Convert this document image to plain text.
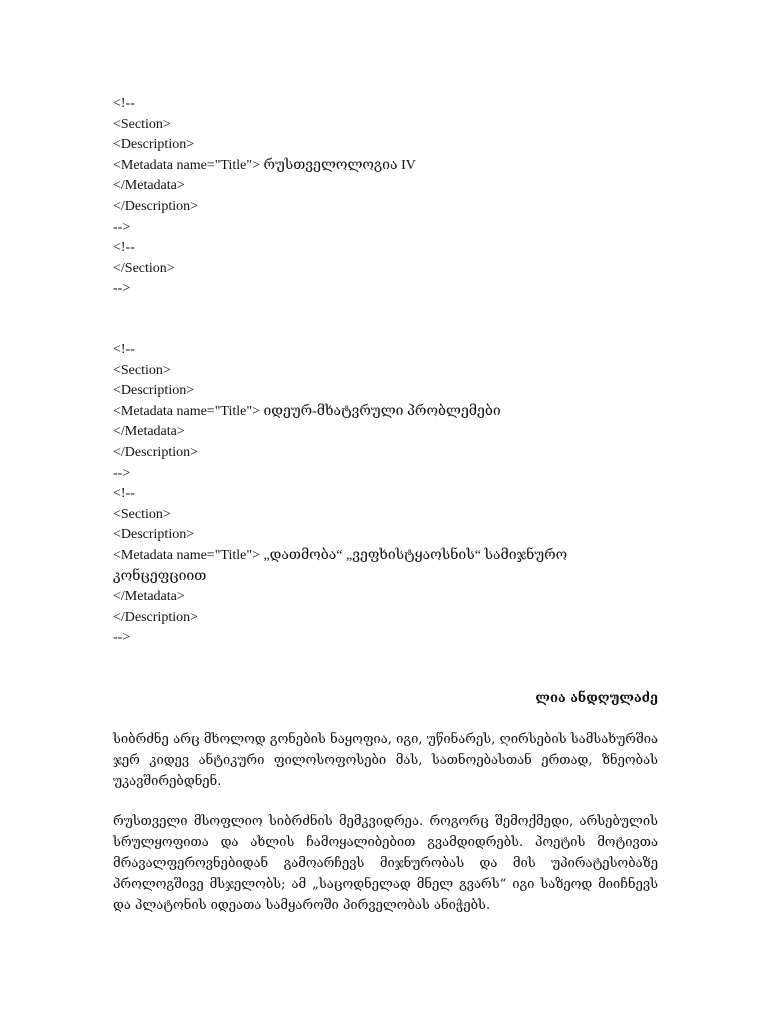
<!--
<Section>
<Description>
<Metadata name="Title"> რუსთველოლოგია IV
</Metadata>
</Description>
-->
<!--
</Section>
-->
<!--
<Section>
<Description>
<Metadata name="Title"> იდეურ-მხატვრული პრობლემები
</Metadata>
</Description>
-->
<!--
<Section>
<Description>
<Metadata name="Title"> „დათმობა“ „ვეფხისტყაოსნის“ სამიჯნურო კონცეფციით
</Metadata>
</Description>
-->
ლია ანდღულაძე

სიბრძნე არც მხოლოდ გონების ნაყოფია, იგი, უწინარეს, ღირსების სამსახურშია ჯერ კიდევ ანტიკური ფილოსოფოსები მას, სათნოებასთან ერთად, ზნეობას უკავშირებდნენ.

რუსთველი მსოფლიო სიბრძნის მემკვიდრეა. როგორც შემოქმედი, არსებულის სრულყოფითა და ახლის ჩამოყალიბებით გვამდიდრებს. პოეტის მოტივთა მრავალფეროვნებიდან გამოარჩევს მიჯნურობას და მის უპირატესობაზე პროლოგშივე მსჯელობს; ამ „საცოდნელად მნელ გვარს“ იგი საზეოდ მიიჩნევს და პლატონის იდეათა სამყაროში პირველობას ანიჭებს.
